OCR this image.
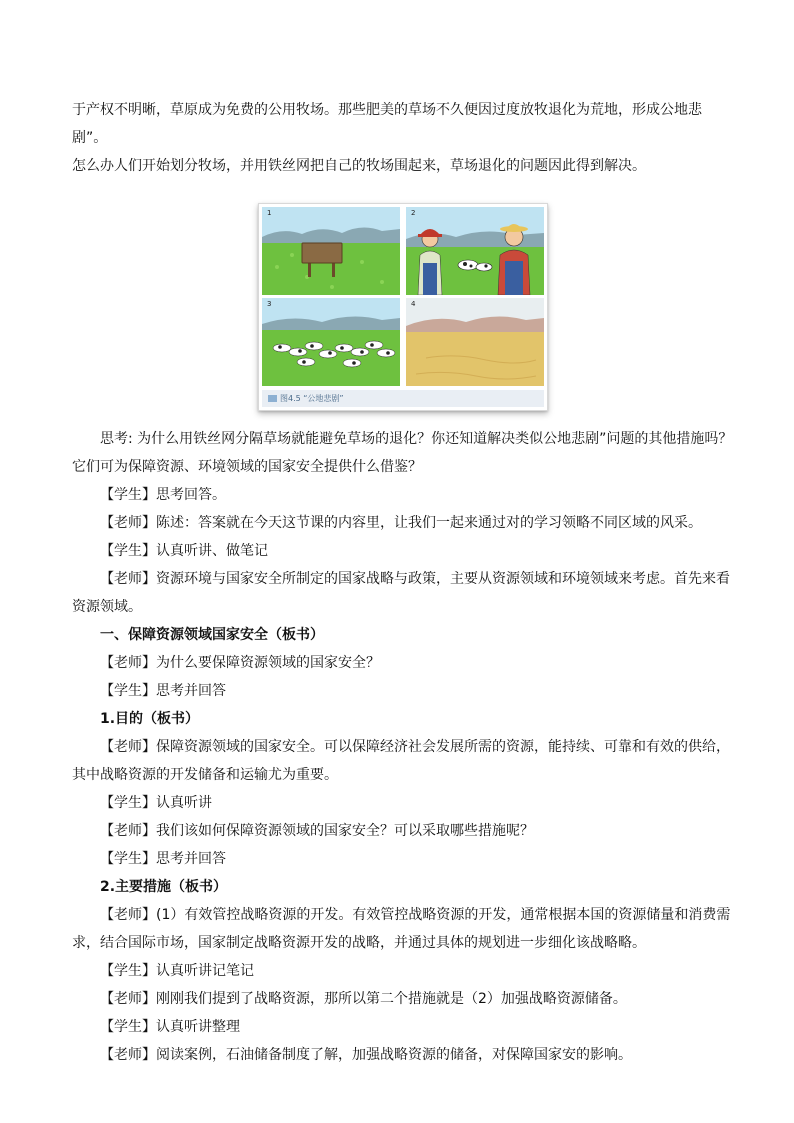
于产权不明晰，草原成为免费的公用牧场。那些肥美的草场不久便因过度放牧退化为荒地，形成公地悲剧”。

怎么办人们开始划分牧场，并用铁丝网把自己的牧场围起来，草场退化的问题因此得到解决。

1	2
3	4
图4.5 “公地悲剧”

思考: 为什么用铁丝网分隔草场就能避免草场的退化？你还知道解决类似公地悲剧”问题的其他措施吗？它们可为保障资源、环境领域的国家安全提供什么借鉴？

【学生】思考回答。

【老师】陈述：答案就在今天这节课的内容里，让我们一起来通过对的学习领略不同区域的风采。

【学生】认真听讲、做笔记

【老师】资源环境与国家安全所制定的国家战略与政策，主要从资源领域和环境领域来考虑。首先来看资源领域。

一、保障资源领域国家安全（板书）

【老师】为什么要保障资源领域的国家安全？

【学生】思考并回答

1.目的（板书）

【老师】保障资源领域的国家安全。可以保障经济社会发展所需的资源，能持续、可靠和有效的供给，其中战略资源的开发储备和运输尤为重要。

【学生】认真听讲

【老师】我们该如何保障资源领域的国家安全？可以采取哪些措施呢？

【学生】思考并回答

2.主要措施（板书）

【老师】(1）有效管控战略资源的开发。有效管控战略资源的开发，通常根据本国的资源储量和消费需求，结合国际市场，国家制定战略资源开发的战略，并通过具体的规划进一步细化该战略略。

【学生】认真听讲记笔记

【老师】刚刚我们提到了战略资源，那所以第二个措施就是（2）加强战略资源储备。

【学生】认真听讲整理

【老师】阅读案例，石油储备制度了解，加强战略资源的储备，对保障国家安的影响。
